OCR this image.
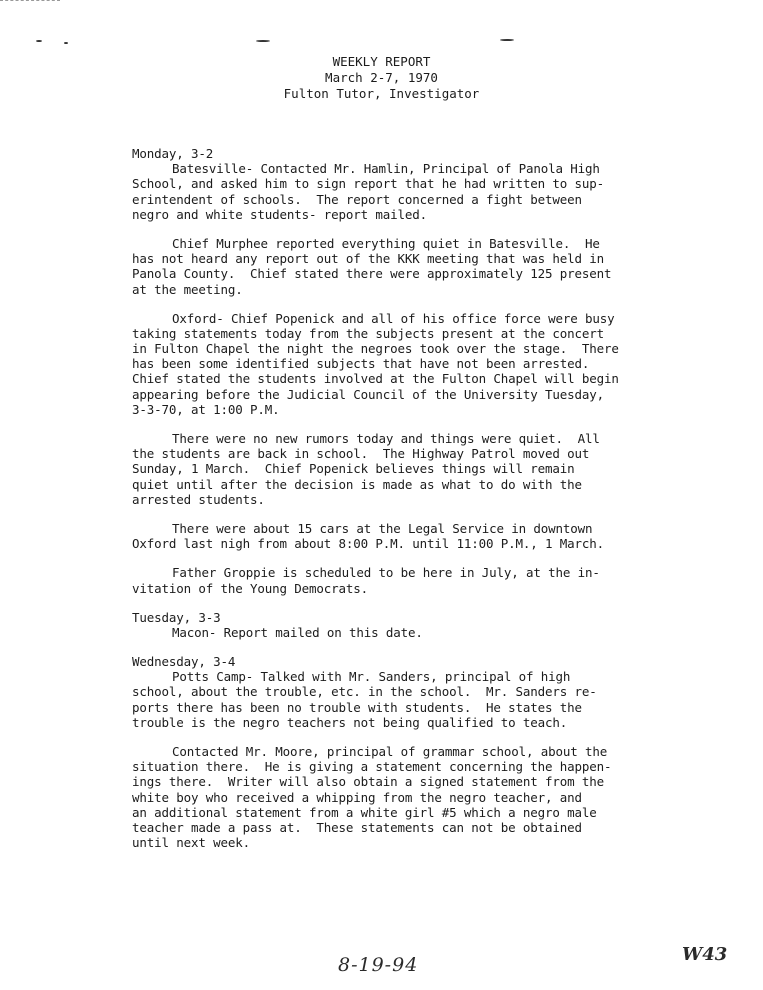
WEEKLY REPORT
March 2-7, 1970
Fulton Tutor, Investigator
Monday, 3-2
Batesville- Contacted Mr. Hamlin, Principal of Panola High
School, and asked him to sign report that he had written to sup-
erintendent of schools.  The report concerned a fight between
negro and white students- report mailed.
Chief Murphee reported everything quiet in Batesville.  He
has not heard any report out of the KKK meeting that was held in
Panola County.  Chief stated there were approximately 125 present
at the meeting.
Oxford- Chief Popenick and all of his office force were busy
taking statements today from the subjects present at the concert
in Fulton Chapel the night the negroes took over the stage.  There
has been some identified subjects that have not been arrested.
Chief stated the students involved at the Fulton Chapel will begin
appearing before the Judicial Council of the University Tuesday,
3-3-70, at 1:00 P.M.
There were no new rumors today and things were quiet.  All
the students are back in school.  The Highway Patrol moved out
Sunday, 1 March.  Chief Popenick believes things will remain
quiet until after the decision is made as what to do with the
arrested students.
There were about 15 cars at the Legal Service in downtown
Oxford last nigh from about 8:00 P.M. until 11:00 P.M., 1 March.
Father Groppie is scheduled to be here in July, at the in-
vitation of the Young Democrats.
Tuesday, 3-3
Macon- Report mailed on this date.
Wednesday, 3-4
Potts Camp- Talked with Mr. Sanders, principal of high
school, about the trouble, etc. in the school.  Mr. Sanders re-
ports there has been no trouble with students.  He states the
trouble is the negro teachers not being qualified to teach.
Contacted Mr. Moore, principal of grammar school, about the
situation there.  He is giving a statement concerning the happen-
ings there.  Writer will also obtain a signed statement from the
white boy who received a whipping from the negro teacher, and
an additional statement from a white girl #5 which a negro male
teacher made a pass at.  These statements can not be obtained
until next week.
8-19-94	W43
